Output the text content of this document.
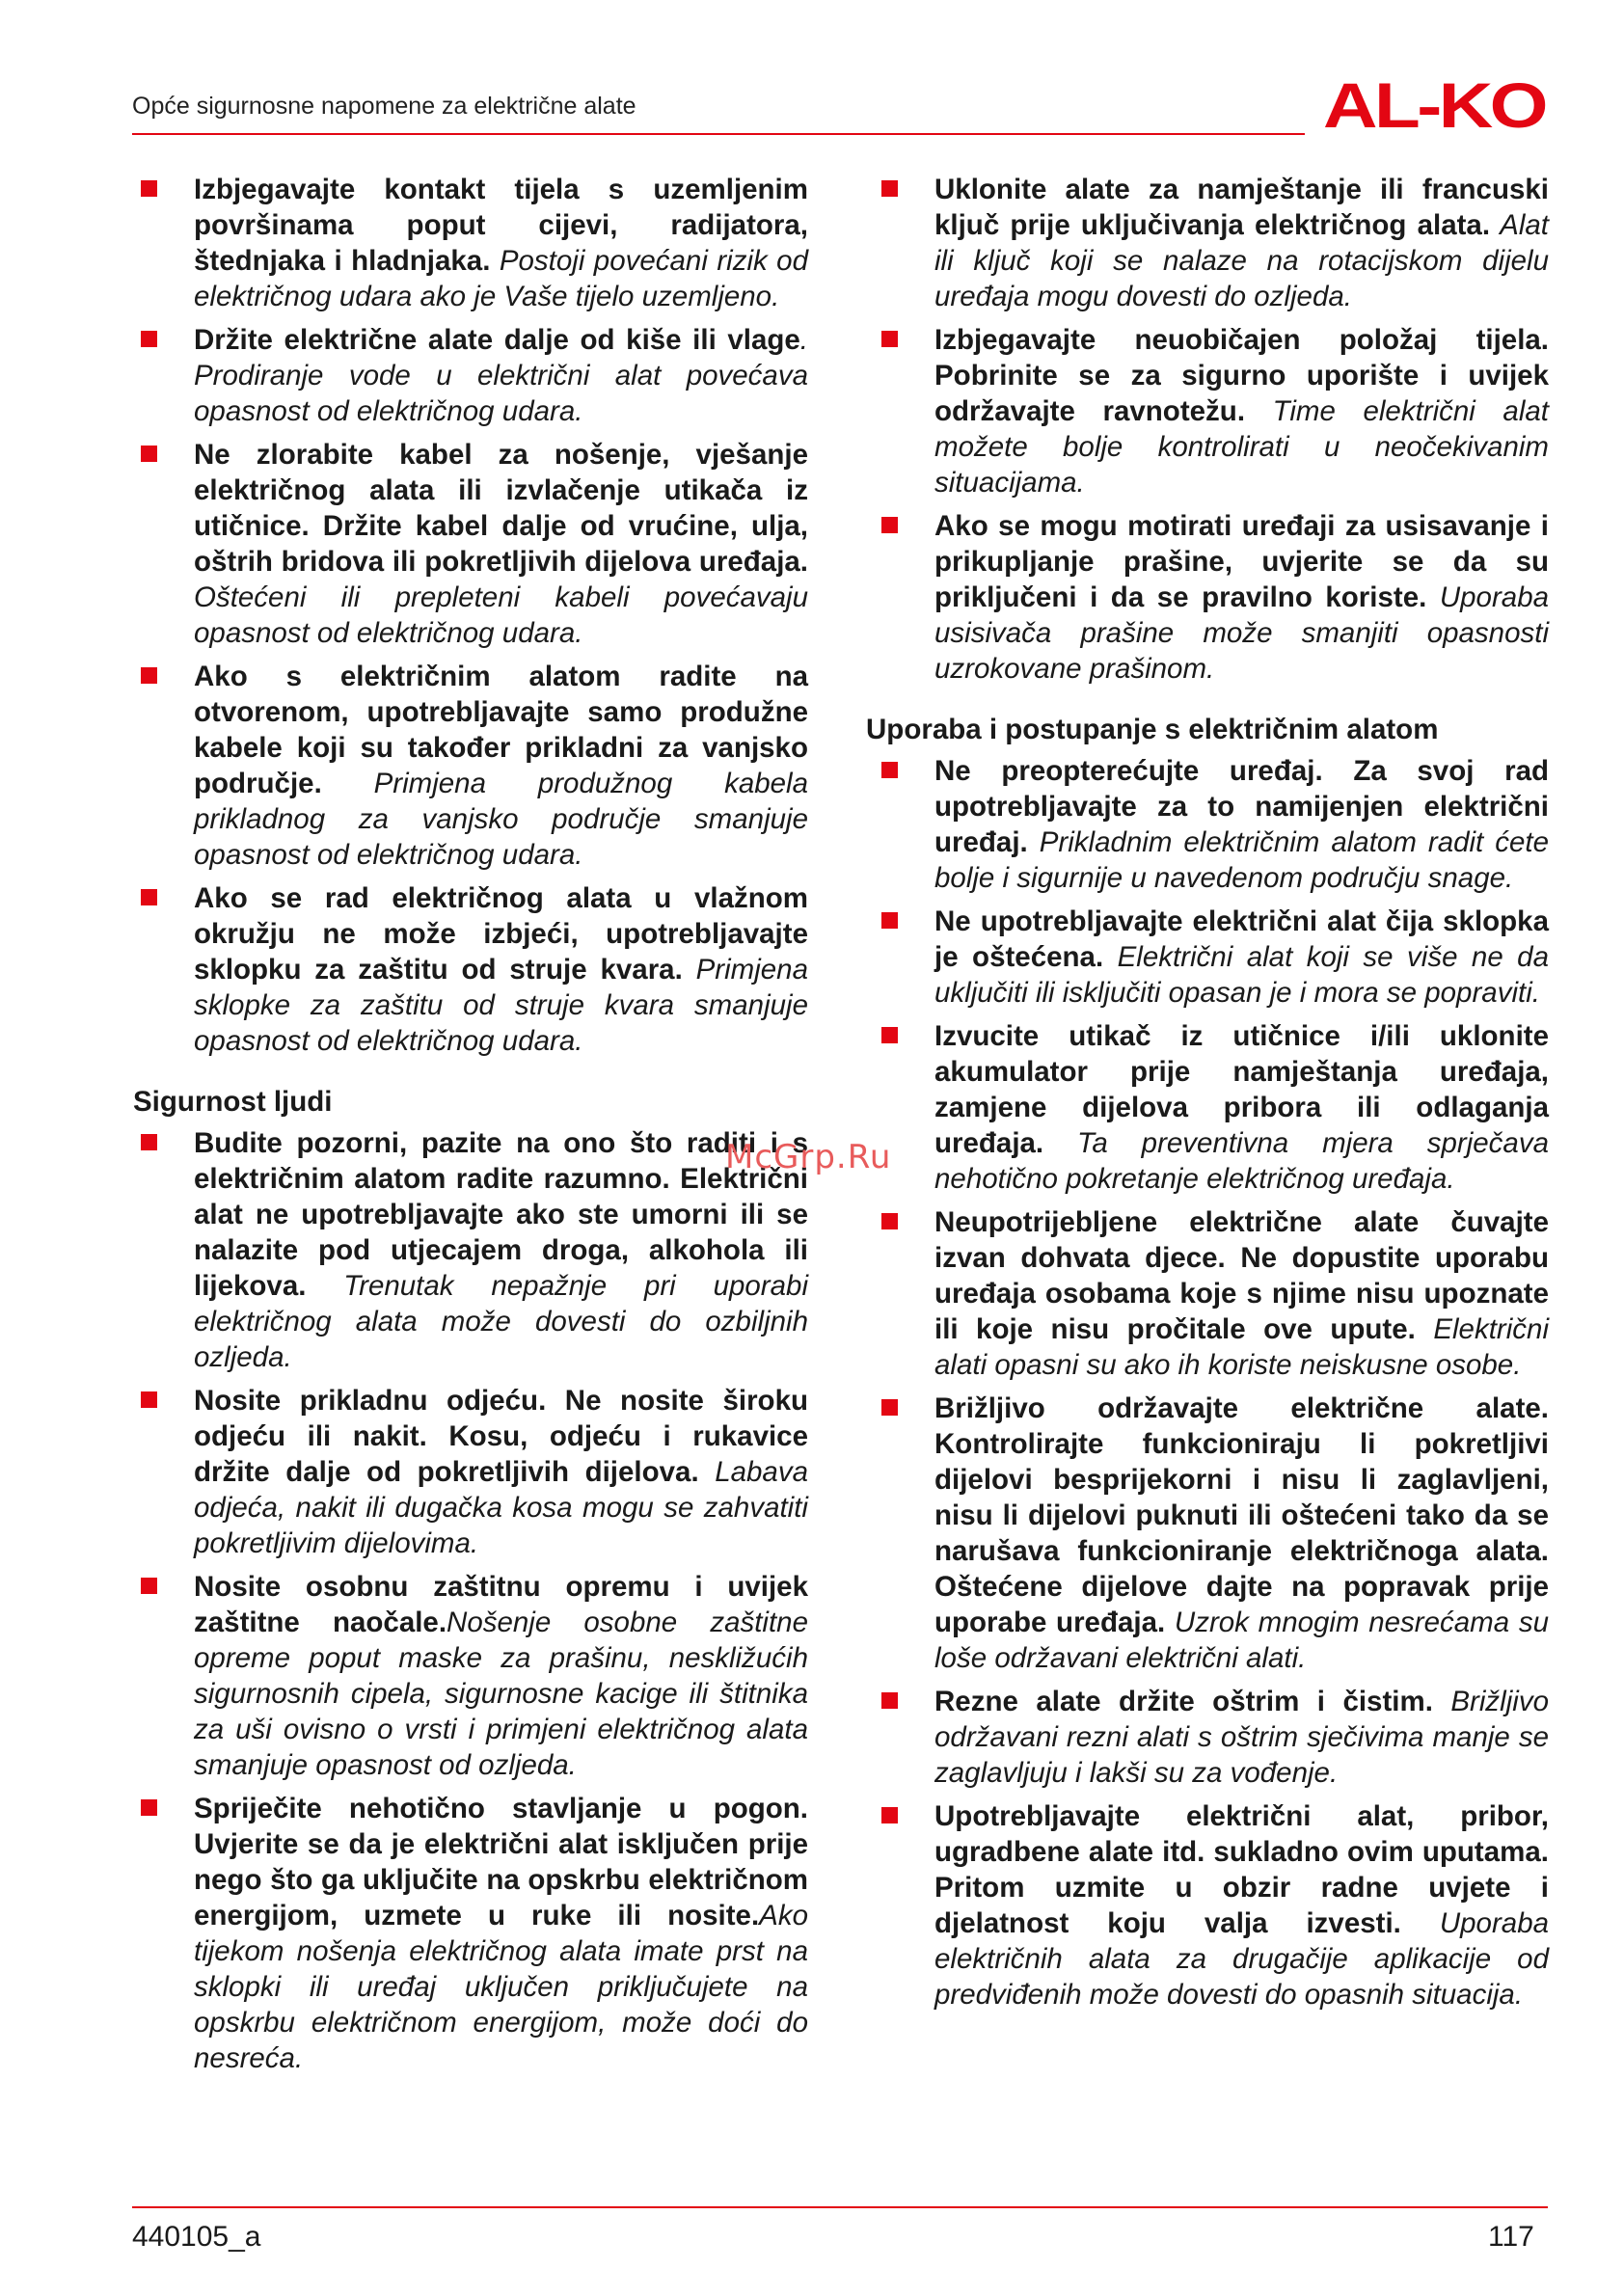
Opće sigurnosne napomene za električne alate	AL-KO
Izbjegavajte kontakt tijela s uzemljenim površinama poput cijevi, radijatora, štednjaka i hladnjaka. Postoji povećani rizik od električnog udara ako je Vaše tijelo uzemljeno.
Držite električne alate dalje od kiše ili vlage. Prodiranje vode u električni alat povećava opasnost od električnog udara.
Ne zlorabite kabel za nošenje, vješanje električnog alata ili izvlačenje utikača iz utičnice. Držite kabel dalje od vrućine, ulja, oštrih bridova ili pokretljivih dijelova uređaja. Oštećeni ili prepleteni kabeli povećavaju opasnost od električnog udara.
Ako s električnim alatom radite na otvorenom, upotrebljavajte samo produžne kabele koji su također prikladni za vanjsko područje. Primjena produžnog kabela prikladnog za vanjsko područje smanjuje opasnost od električnog udara.
Ako se rad električnog alata u vlažnom okružju ne može izbjeći, upotrebljavajte sklopku za zaštitu od struje kvara. Primjena sklopke za zaštitu od struje kvara smanjuje opasnost od električnog udara.
Sigurnost ljudi
Budite pozorni, pazite na ono što raditi i s električnim alatom radite razumno. Električni alat ne upotrebljavajte ako ste umorni ili se nalazite pod utjecajem droga, alkohola ili lijekova. Trenutak nepažnje pri uporabi električnog alata može dovesti do ozbiljnih ozljeda.
Nosite prikladnu odjeću. Ne nosite široku odjeću ili nakit. Kosu, odjeću i rukavice držite dalje od pokretljivih dijelova. Labava odjeća, nakit ili dugačka kosa mogu se zahvatiti pokretljivim dijelovima.
Nosite osobnu zaštitnu opremu i uvijek zaštitne naočale.Nošenje osobne zaštitne opreme poput maske za prašinu, neskližućih sigurnosnih cipela, sigurnosne kacige ili štitnika za uši ovisno o vrsti i primjeni električnog alata smanjuje opasnost od ozljeda.
Spriječite nehotično stavljanje u pogon. Uvjerite se da je električni alat isključen prije nego što ga uključite na opskrbu električnom energijom, uzmete u ruke ili nosite.Ako tijekom nošenja električnog alata imate prst na sklopki ili uređaj uključen priključujete na opskrbu električnom energijom, može doći do nesreća.
Uklonite alate za namještanje ili francuski ključ prije uključivanja električnog alata. Alat ili ključ koji se nalaze na rotacijskom dijelu uređaja mogu dovesti do ozljeda.
Izbjegavajte neuobičajen položaj tijela. Pobrinite se za sigurno uporište i uvijek održavajte ravnotežu. Time električni alat možete bolje kontrolirati u neočekivanim situacijama.
Ako se mogu motirati uređaji za usisavanje i prikupljanje prašine, uvjerite se da su priključeni i da se pravilno koriste. Uporaba usisivača prašine može smanjiti opasnosti uzrokovane prašinom.
Uporaba i postupanje s električnim alatom
Ne preopterećujte uređaj. Za svoj rad upotrebljavajte za to namijenjen električni uređaj. Prikladnim električnim alatom radit ćete bolje i sigurnije u navedenom području snage.
Ne upotrebljavajte električni alat čija sklopka je oštećena. Električni alat koji se više ne da uključiti ili isključiti opasan je i mora se popraviti.
Izvucite utikač iz utičnice i/ili uklonite akumulator prije namještanja uređaja, zamjene dijelova pribora ili odlaganja uređaja. Ta preventivna mjera sprječava nehotično pokretanje električnog uređaja.
Neupotrijebljene električne alate čuvajte izvan dohvata djece. Ne dopustite uporabu uređaja osobama koje s njime nisu upoznate ili koje nisu pročitale ove upute. Električni alati opasni su ako ih koriste neiskusne osobe.
Brižljivo održavajte električne alate. Kontrolirajte funkcioniraju li pokretljivi dijelovi besprijekorni i nisu li zaglavljeni, nisu li dijelovi puknuti ili oštećeni tako da se narušava funkcioniranje električnoga alata. Oštećene dijelove dajte na popravak prije uporabe uređaja. Uzrok mnogim nesrećama su loše održavani električni alati.
Rezne alate držite oštrim i čistim. Brižljivo održavani rezni alati s oštrim sječivima manje se zaglavljuju i lakši su za vođenje.
Upotrebljavajte električni alat, pribor, ugradbene alate itd. sukladno ovim uputama. Pritom uzmite u obzir radne uvjete i djelatnost koju valja izvesti. Uporaba električnih alata za drugačije aplikacije od predviđenih može dovesti do opasnih situacija.
McGrp.Ru
440105_a	117
